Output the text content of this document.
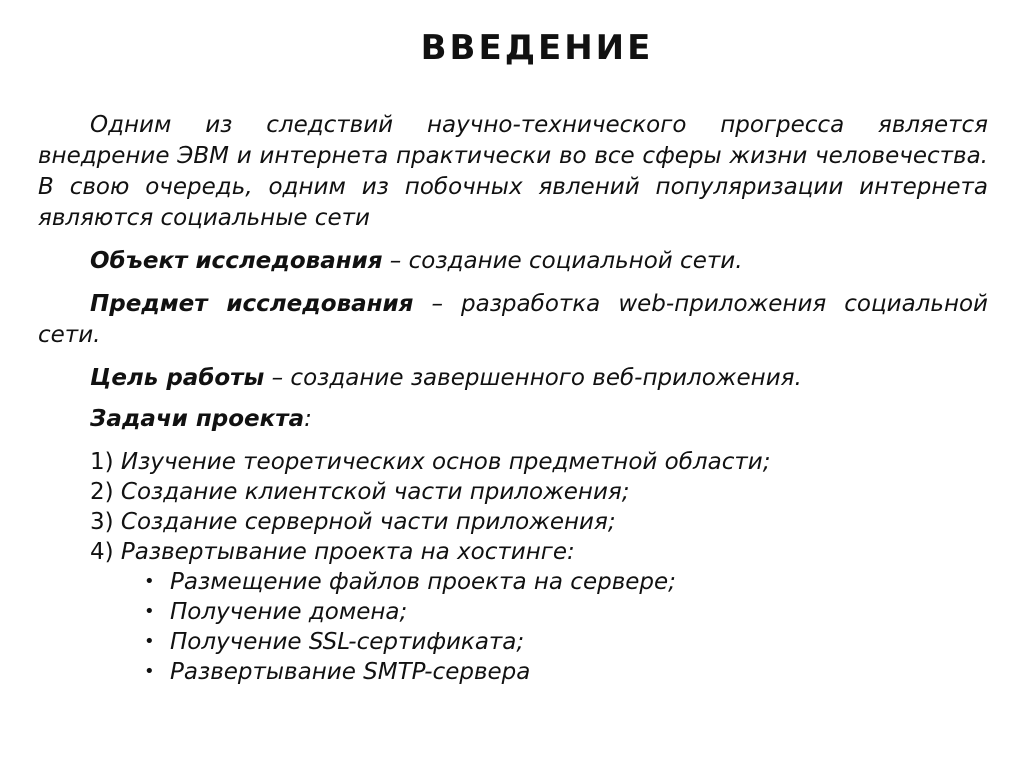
ВВЕДЕНИЕ

Одним из следствий научно-технического прогресса является внедрение ЭВМ и интернета практически во все сферы жизни человечества. В свою очередь, одним из побочных явлений популяризации интернета являются социальные сети

Объект исследования – создание социальной сети.

Предмет исследования – разработка web-приложения социальной сети.

Цель работы – создание завершенного веб-приложения.

Задачи проекта:
1) Изучение теоретических основ предметной области;
2) Создание клиентской части приложения;
3) Создание серверной части приложения;
4) Развертывание проекта на хостинге:
• Размещение файлов проекта на сервере;
• Получение домена;
• Получение SSL-сертификата;
• Развертывание SMTP-сервера
